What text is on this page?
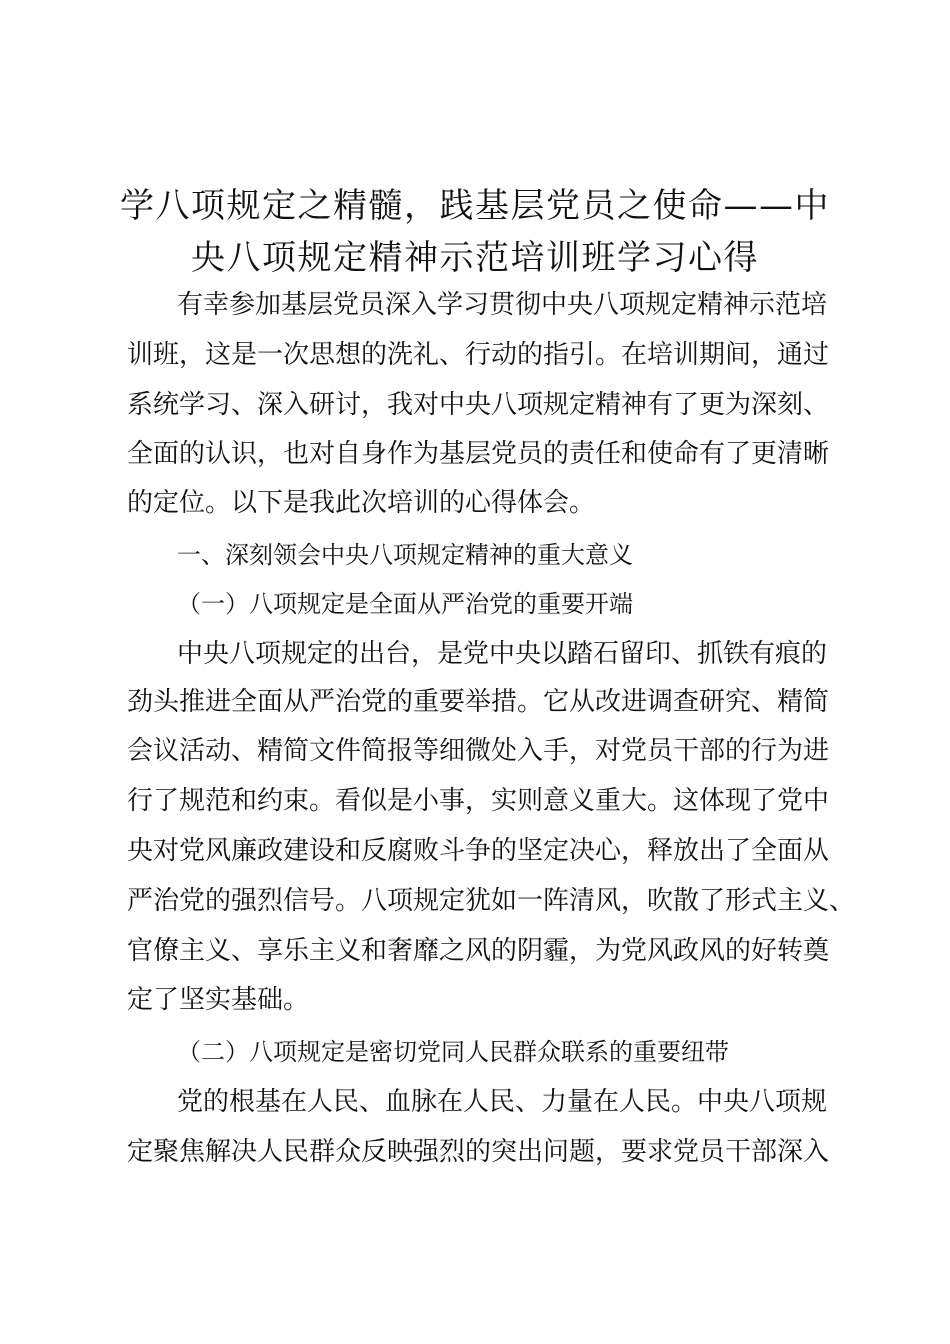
学八项规定之精髓，践基层党员之使命——中
央八项规定精神示范培训班学习心得
有幸参加基层党员深入学习贯彻中央八项规定精神示范培
训班，这是一次思想的洗礼、行动的指引。在培训期间，通过
系统学习、深入研讨，我对中央八项规定精神有了更为深刻、
全面的认识，也对自身作为基层党员的责任和使命有了更清晰
的定位。以下是我此次培训的心得体会。
一、深刻领会中央八项规定精神的重大意义
（一）八项规定是全面从严治党的重要开端
中央八项规定的出台，是党中央以踏石留印、抓铁有痕的
劲头推进全面从严治党的重要举措。它从改进调查研究、精简
会议活动、精简文件简报等细微处入手，对党员干部的行为进
行了规范和约束。看似是小事，实则意义重大。这体现了党中
央对党风廉政建设和反腐败斗争的坚定决心，释放出了全面从
严治党的强烈信号。八项规定犹如一阵清风，吹散了形式主义、
官僚主义、享乐主义和奢靡之风的阴霾，为党风政风的好转奠
定了坚实基础。
（二）八项规定是密切党同人民群众联系的重要纽带
党的根基在人民、血脉在人民、力量在人民。中央八项规
定聚焦解决人民群众反映强烈的突出问题，要求党员干部深入
